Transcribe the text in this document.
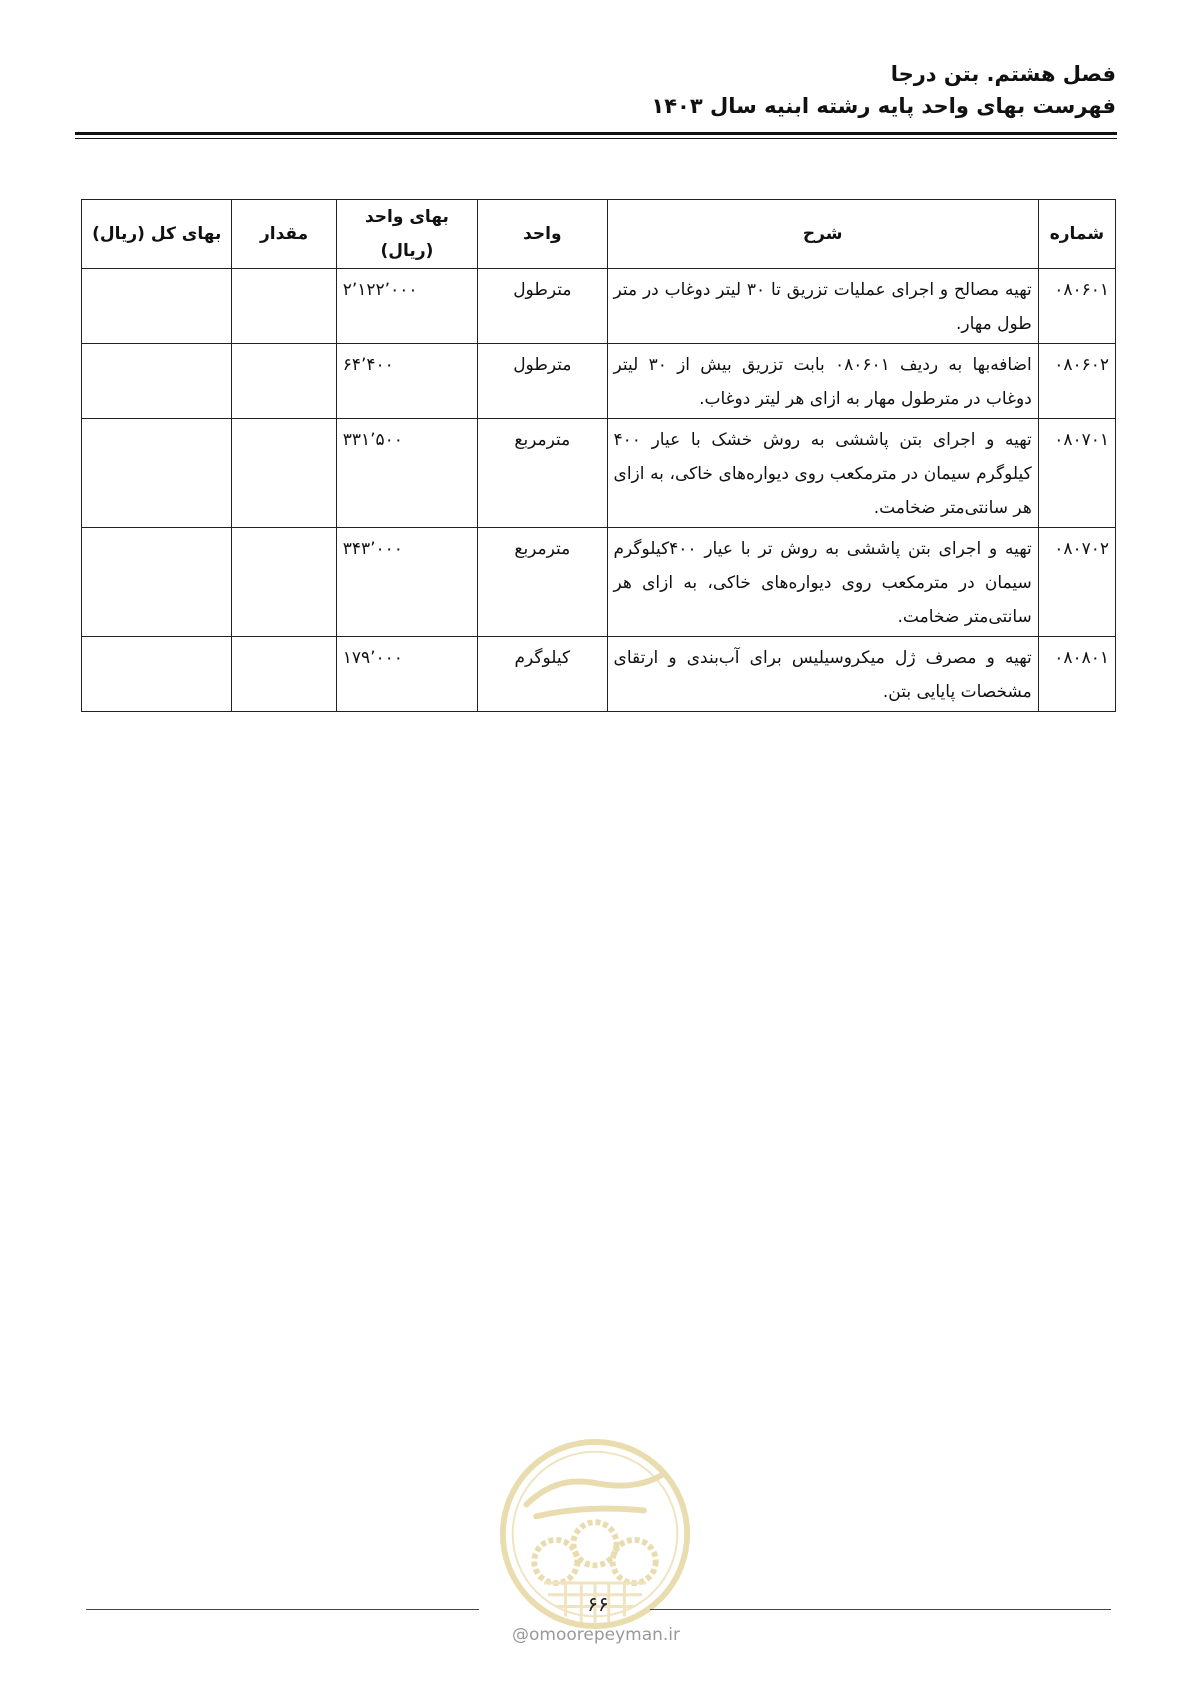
فصل هشتم. بتن درجا
فهرست بهای واحد پایه رشته ابنیه سال ۱۴۰۳
شماره	شرح	واحد	بهای واحد (ریال)	مقدار	بهای کل (ریال)
۰۸۰۶۰۱	تهیه مصالح و اجرای عملیات تزریق تا ۳۰ لیتر دوغاب در متر طول مهار.	مترطول	۲٬۱۲۲٬۰۰۰		
۰۸۰۶۰۲	اضافه‌بها به ردیف ۰۸۰۶۰۱ بابت تزریق بیش از ۳۰ لیتر دوغاب در مترطول مهار به ازای هر لیتر دوغاب.	مترطول	۶۴٬۴۰۰		
۰۸۰۷۰۱	تهیه و اجرای بتن پاششی به روش خشک با عیار ۴۰۰ کیلوگرم سیمان در مترمکعب روی دیواره‌های خاکی، به ازای هر سانتی‌متر ضخامت.	مترمربع	۳۳۱٬۵۰۰		
۰۸۰۷۰۲	تهیه و اجرای بتن پاششی به روش تر با عیار ۴۰۰کیلوگرم سیمان در مترمکعب روی دیواره‌های خاکی، به ازای هر سانتی‌متر ضخامت.	مترمربع	۳۴۳٬۰۰۰		
۰۸۰۸۰۱	تهیه و مصرف ژل میکروسیلیس برای آب‌بندی و ارتقای مشخصات پایایی بتن.	کیلوگرم	۱۷۹٬۰۰۰		
۶۶
@omoorepeyman.ir
